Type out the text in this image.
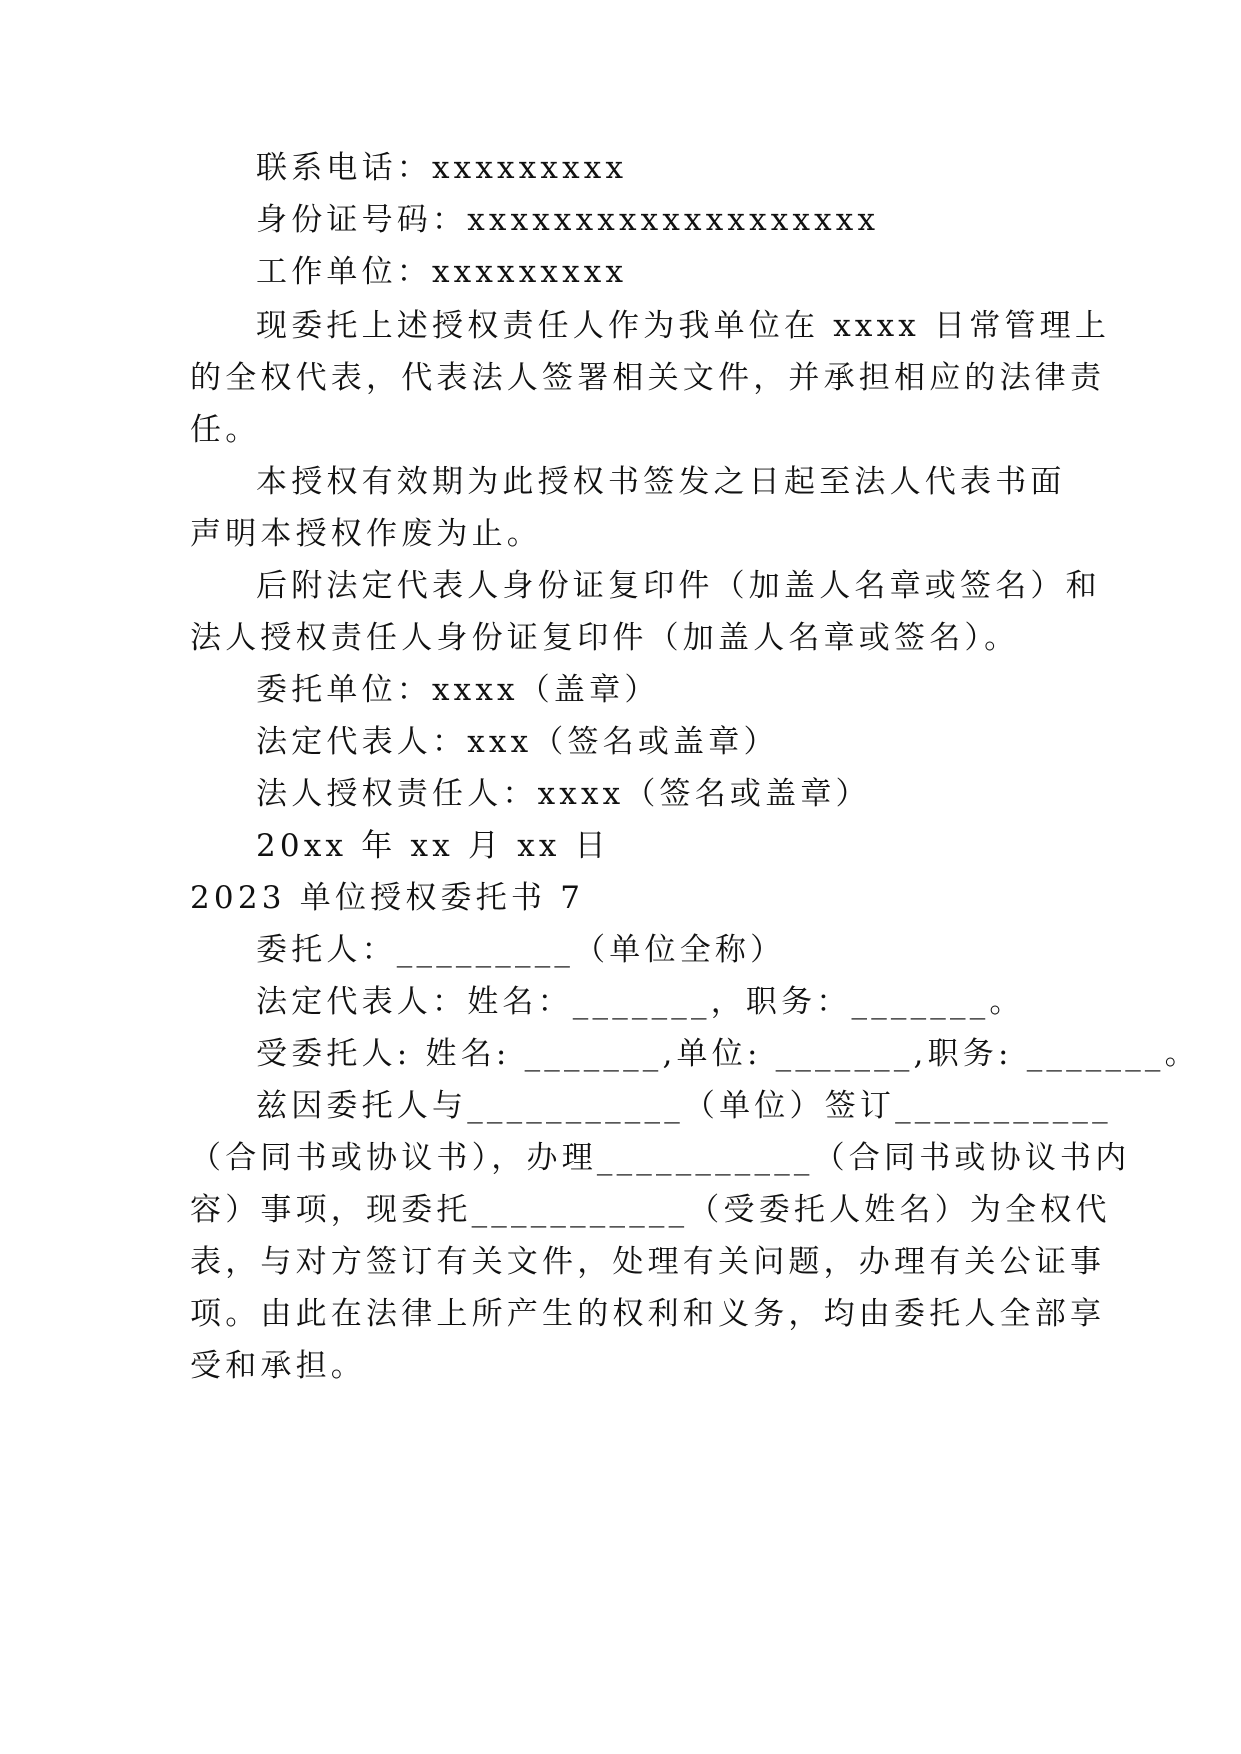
联系电话：xxxxxxxxx
身份证号码：xxxxxxxxxxxxxxxxxxx
工作单位：xxxxxxxxx
现委托上述授权责任人作为我单位在 xxxx 日常管理上
的全权代表，代表法人签署相关文件，并承担相应的法律责
任。
本授权有效期为此授权书签发之日起至法人代表书面
声明本授权作废为止。
后附法定代表人身份证复印件（加盖人名章或签名）和
法人授权责任人身份证复印件（加盖人名章或签名）。
委托单位：xxxx（盖章）
法定代表人：xxx（签名或盖章）
法人授权责任人：xxxx（签名或盖章）
20xx 年 xx 月 xx 日
2023 单位授权委托书 7
委托人：_________（单位全称）
法定代表人：姓名：_______，职务：_______。
受委托人: 姓名: _______,单位: _______,职务: _______。
兹因委托人与___________（单位）签订___________
（合同书或协议书），办理___________（合同书或协议书内
容）事项，现委托___________（受委托人姓名）为全权代
表，与对方签订有关文件，处理有关问题，办理有关公证事
项。由此在法律上所产生的权利和义务，均由委托人全部享
受和承担。
